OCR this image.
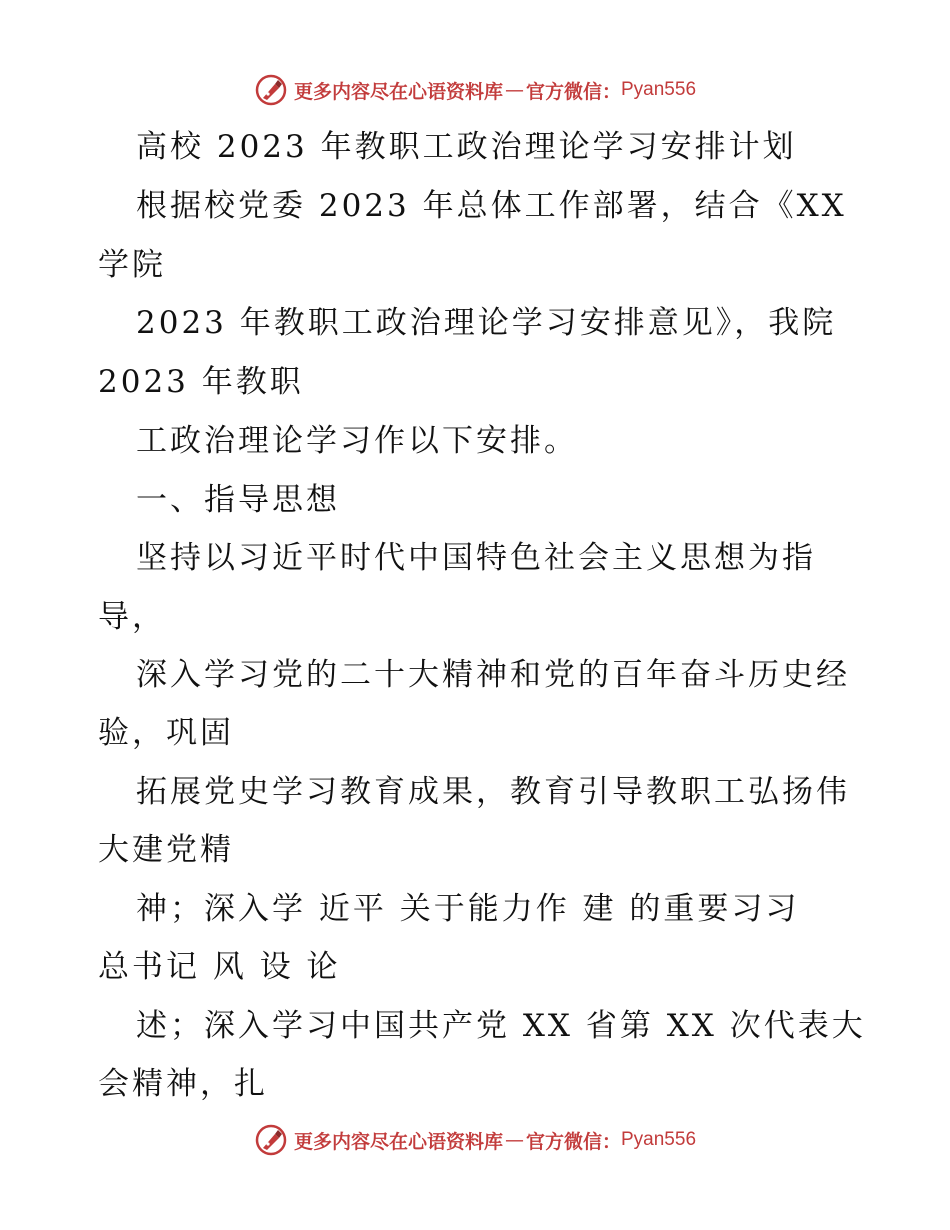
更多内容尽在心语资料库 — 官方微信： Pyan556
高校 2023 年教职工政治理论学习安排计划
根据校党委 2023 年总体工作部署，结合《XX
学院
2023 年教职工政治理论学习安排意见》，我院
2023 年教职
工政治理论学习作以下安排。
一、指导思想
坚持以习近平时代中国特色社会主义思想为指
导，
深入学习党的二十大精神和党的百年奋斗历史经
验，巩固
拓展党史学习教育成果，教育引导教职工弘扬伟
大建党精
神；深入学 近平 关于能力作 建 的重要习习
总书记 风 设 论
述；深入学习中国共产党 XX 省第 XX 次代表大
会精神，扎
更多内容尽在心语资料库 — 官方微信： Pyan556
